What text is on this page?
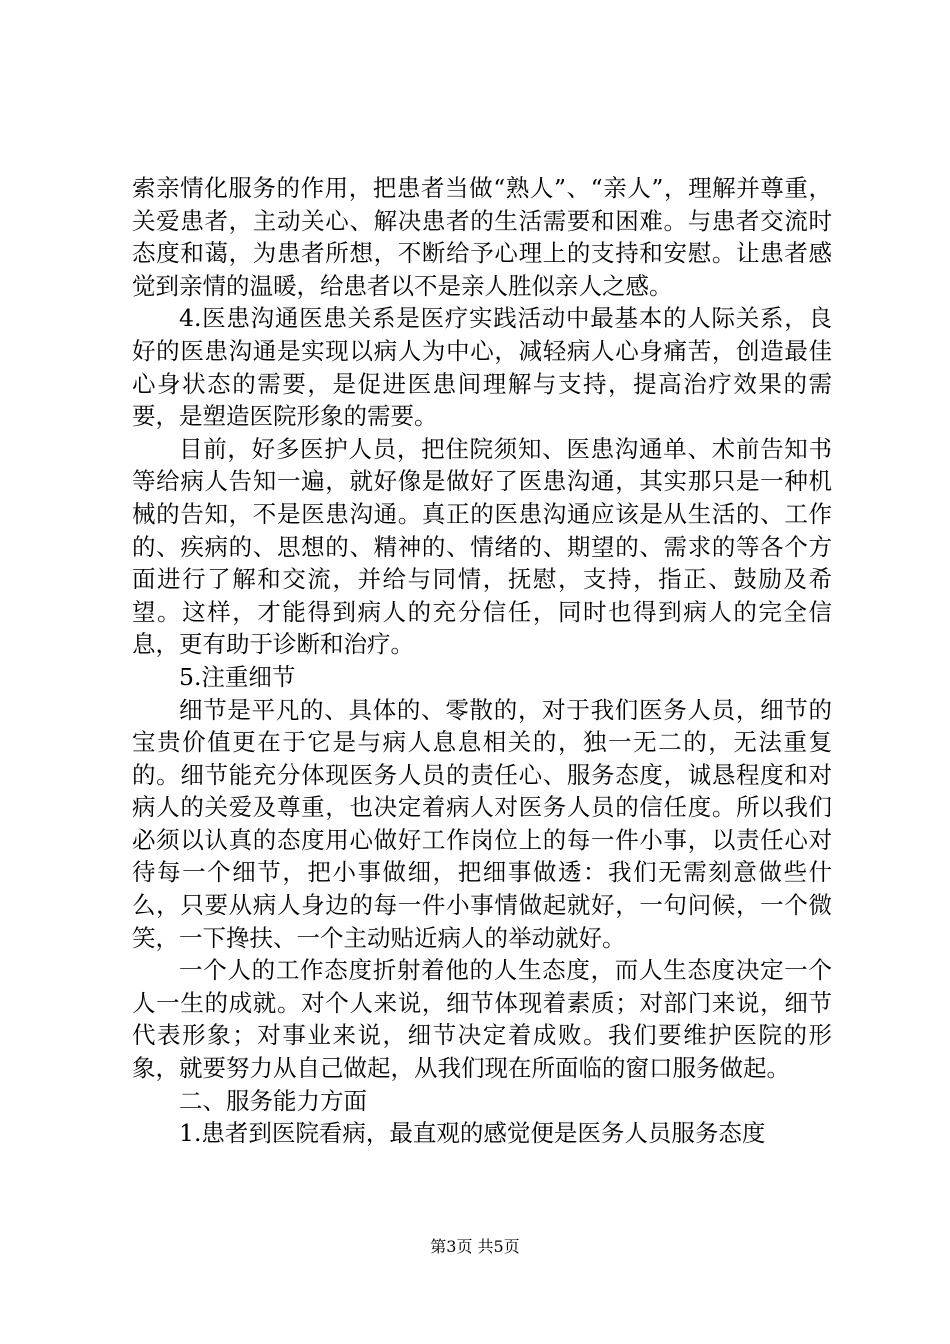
索亲情化服务的作用，把患者当做“熟人”、“亲人”，理解并尊重，关爱患者，主动关心、解决患者的生活需要和困难。与患者交流时态度和蔼，为患者所想，不断给予心理上的支持和安慰。让患者感觉到亲情的温暖，给患者以不是亲人胜似亲人之感。

4.医患沟通医患关系是医疗实践活动中最基本的人际关系，良好的医患沟通是实现以病人为中心，减轻病人心身痛苦，创造最佳心身状态的需要，是促进医患间理解与支持，提高治疗效果的需要，是塑造医院形象的需要。

目前，好多医护人员，把住院须知、医患沟通单、术前告知书等给病人告知一遍，就好像是做好了医患沟通，其实那只是一种机械的告知，不是医患沟通。真正的医患沟通应该是从生活的、工作的、疾病的、思想的、精神的、情绪的、期望的、需求的等各个方面进行了解和交流，并给与同情，抚慰，支持，指正、鼓励及希望。这样，才能得到病人的充分信任，同时也得到病人的完全信息，更有助于诊断和治疗。

5.注重细节

细节是平凡的、具体的、零散的，对于我们医务人员，细节的宝贵价值更在于它是与病人息息相关的，独一无二的，无法重复的。细节能充分体现医务人员的责任心、服务态度，诚恳程度和对病人的关爱及尊重，也决定着病人对医务人员的信任度。所以我们必须以认真的态度用心做好工作岗位上的每一件小事，以责任心对待每一个细节，把小事做细，把细事做透：我们无需刻意做些什么，只要从病人身边的每一件小事情做起就好，一句问候，一个微笑，一下搀扶、一个主动贴近病人的举动就好。

一个人的工作态度折射着他的人生态度，而人生态度决定一个人一生的成就。对个人来说，细节体现着素质；对部门来说，细节代表形象；对事业来说，细节决定着成败。我们要维护医院的形象，就要努力从自己做起，从我们现在所面临的窗口服务做起。

二、服务能力方面

1.患者到医院看病，最直观的感觉便是医务人员服务态度

第3页 共5页
